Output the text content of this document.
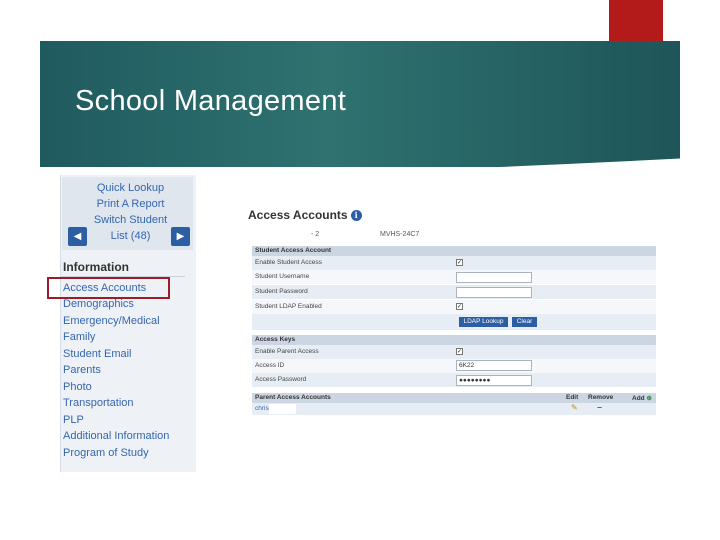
School Management
Quick Lookup
Print A Report
Switch Student
List (48)
◀	▶
Information
Access Accounts
Demographics
Emergency/Medical
Family
Student Email
Parents
Photo
Transportation
PLP
Additional Information
Program of Study
Access Accounts i
- 2	MVHS-24C7
Student Access Account
Enable Student Access	✓
Student Username
Student Password
Student LDAP Enabled	✓
LDAP Lookup	Clear
Access Keys
Enable Parent Access	✓
Access ID	6K22
Access Password	●●●●●●●●
Parent Access Accounts	Edit Remove	Add ⊕
chris	✎ –
